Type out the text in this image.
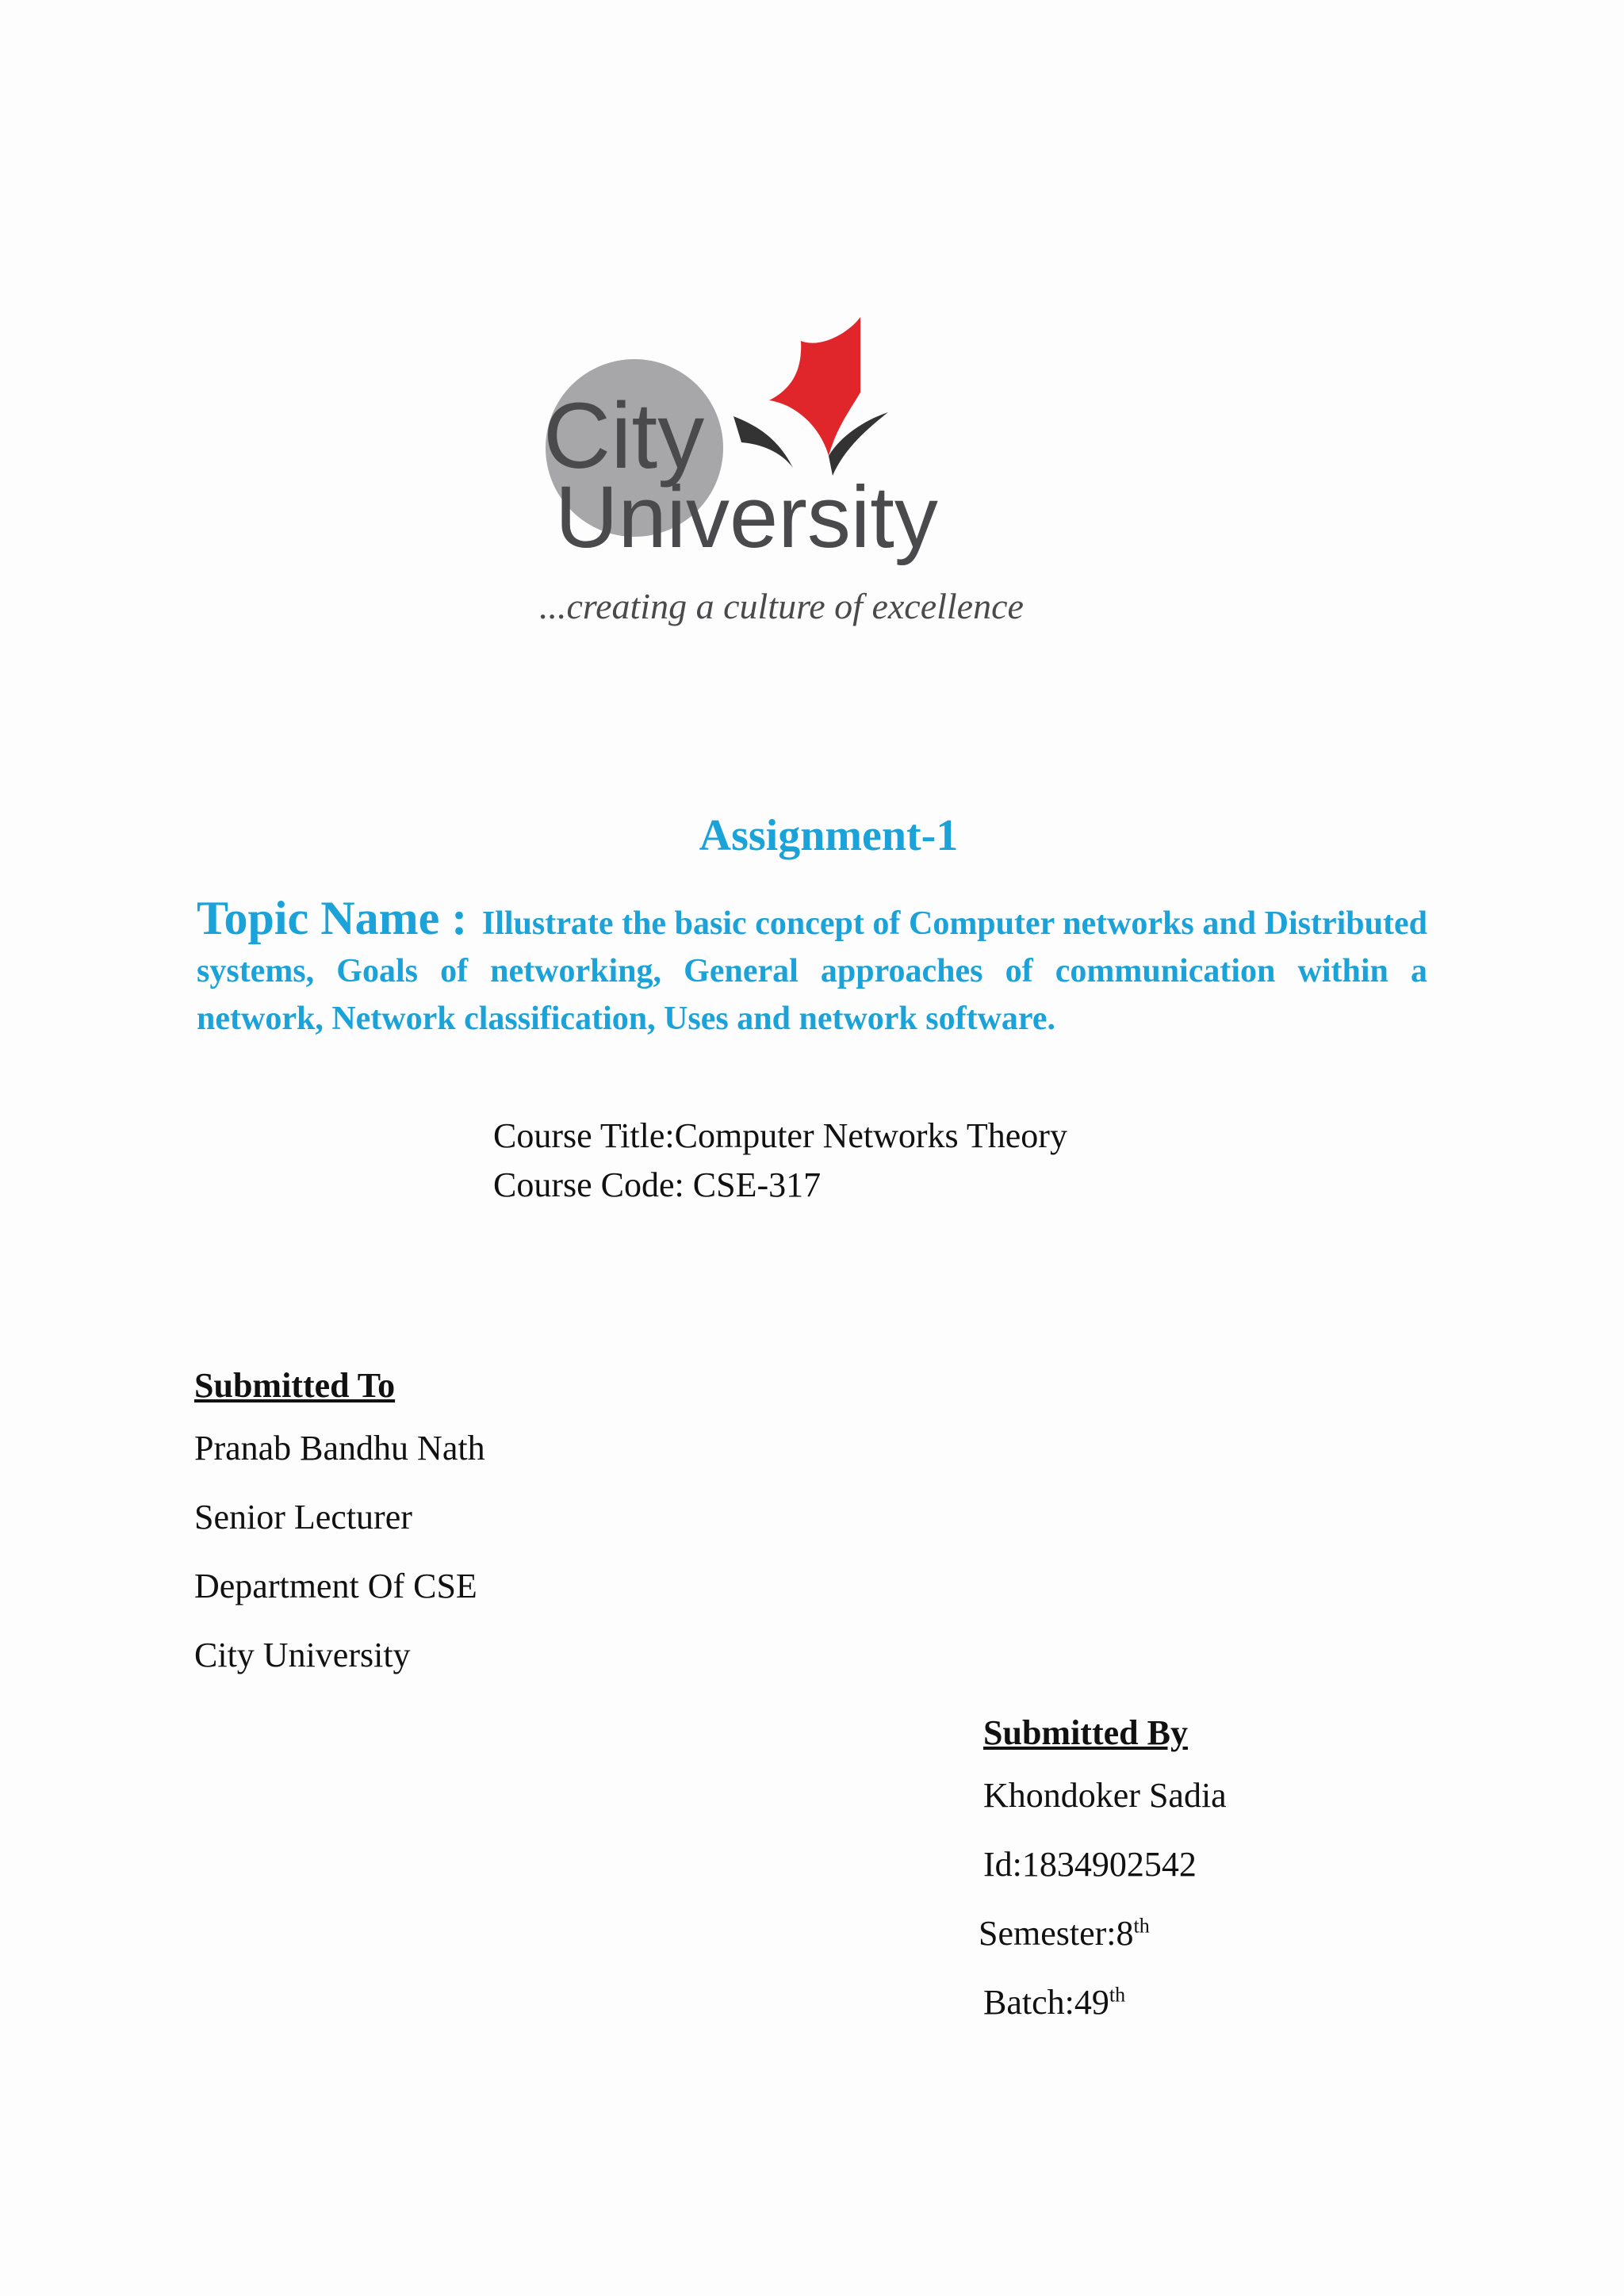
City
University
...creating a culture of excellence
Assignment-1
Topic Name : Illustrate the basic concept of Computer networks and Distributed systems, Goals of networking, General approaches of communication within a network, Network classification, Uses and network software.
Course Title:Computer Networks Theory
Course Code: CSE-317
Submitted To
Pranab Bandhu Nath
Senior Lecturer
Department Of CSE
City University
Submitted By
Khondoker Sadia
Id:1834902542
Semester:8th
Batch:49th
